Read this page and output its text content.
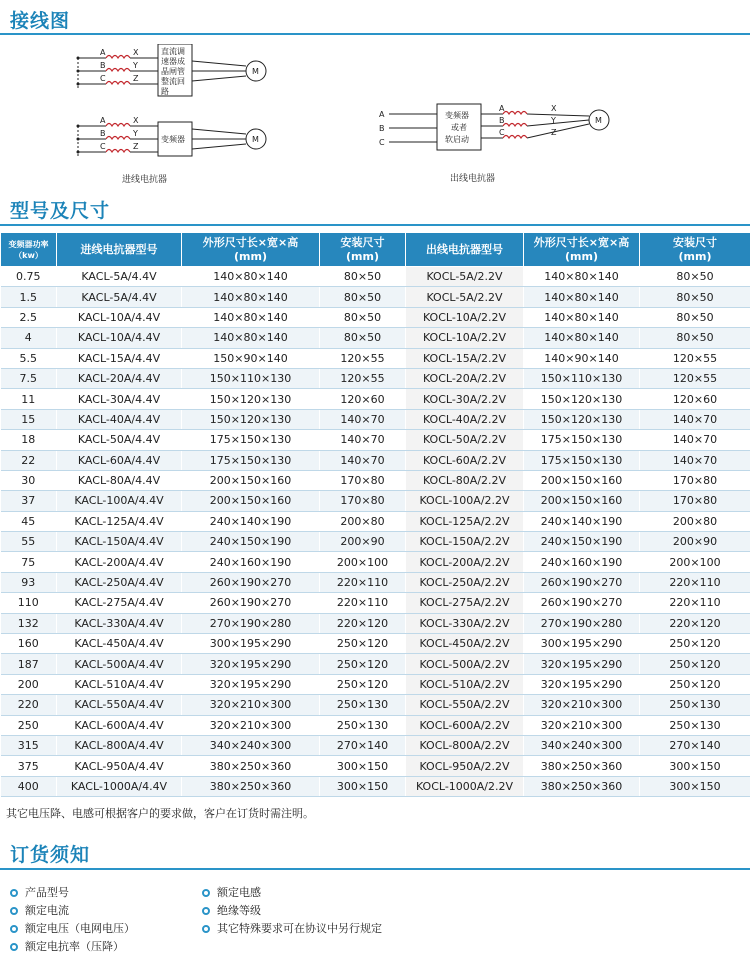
接线图
A	X
B	Y
C	Z
直流调
速器成
晶闸管
整流回
路
M
A	X
B	Y
C	Z
变频器	M
进线电抗器
A
B
C
变频器
或者
软启动
A	X
B	Y
C	Z
M
出线电抗器
型号及尺寸
变频器功率
（kw）	进线电抗器型号	外形尺寸长×宽×高
(mm)	安装尺寸
(mm)	出线电抗器型号	外形尺寸长×宽×高
(mm)	安装尺寸
(mm)
0.75	KACL-5A/4.4V	140×80×140	80×50	KOCL-5A/2.2V	140×80×140	80×50
1.5	KACL-5A/4.4V	140×80×140	80×50	KOCL-5A/2.2V	140×80×140	80×50
2.5	KACL-10A/4.4V	140×80×140	80×50	KOCL-10A/2.2V	140×80×140	80×50
4	KACL-10A/4.4V	140×80×140	80×50	KOCL-10A/2.2V	140×80×140	80×50
5.5	KACL-15A/4.4V	150×90×140	120×55	KOCL-15A/2.2V	140×90×140	120×55
7.5	KACL-20A/4.4V	150×110×130	120×55	KOCL-20A/2.2V	150×110×130	120×55
11	KACL-30A/4.4V	150×120×130	120×60	KOCL-30A/2.2V	150×120×130	120×60
15	KACL-40A/4.4V	150×120×130	140×70	KOCL-40A/2.2V	150×120×130	140×70
18	KACL-50A/4.4V	175×150×130	140×70	KOCL-50A/2.2V	175×150×130	140×70
22	KACL-60A/4.4V	175×150×130	140×70	KOCL-60A/2.2V	175×150×130	140×70
30	KACL-80A/4.4V	200×150×160	170×80	KOCL-80A/2.2V	200×150×160	170×80
37	KACL-100A/4.4V	200×150×160	170×80	KOCL-100A/2.2V	200×150×160	170×80
45	KACL-125A/4.4V	240×140×190	200×80	KOCL-125A/2.2V	240×140×190	200×80
55	KACL-150A/4.4V	240×150×190	200×90	KOCL-150A/2.2V	240×150×190	200×90
75	KACL-200A/4.4V	240×160×190	200×100	KOCL-200A/2.2V	240×160×190	200×100
93	KACL-250A/4.4V	260×190×270	220×110	KOCL-250A/2.2V	260×190×270	220×110
110	KACL-275A/4.4V	260×190×270	220×110	KOCL-275A/2.2V	260×190×270	220×110
132	KACL-330A/4.4V	270×190×280	220×120	KOCL-330A/2.2V	270×190×280	220×120
160	KACL-450A/4.4V	300×195×290	250×120	KOCL-450A/2.2V	300×195×290	250×120
187	KACL-500A/4.4V	320×195×290	250×120	KOCL-500A/2.2V	320×195×290	250×120
200	KACL-510A/4.4V	320×195×290	250×120	KOCL-510A/2.2V	320×195×290	250×120
220	KACL-550A/4.4V	320×210×300	250×130	KOCL-550A/2.2V	320×210×300	250×130
250	KACL-600A/4.4V	320×210×300	250×130	KOCL-600A/2.2V	320×210×300	250×130
315	KACL-800A/4.4V	340×240×300	270×140	KOCL-800A/2.2V	340×240×300	270×140
375	KACL-950A/4.4V	380×250×360	300×150	KOCL-950A/2.2V	380×250×360	300×150
400	KACL-1000A/4.4V	380×250×360	300×150	KOCL-1000A/2.2V	380×250×360	300×150
其它电压降、电感可根据客户的要求做，客户在订货时需注明。
订货须知
产品型号
额定电流
额定电压（电网电压）
额定电抗率（压降）
额定电感
绝缘等级
其它特殊要求可在协议中另行规定
